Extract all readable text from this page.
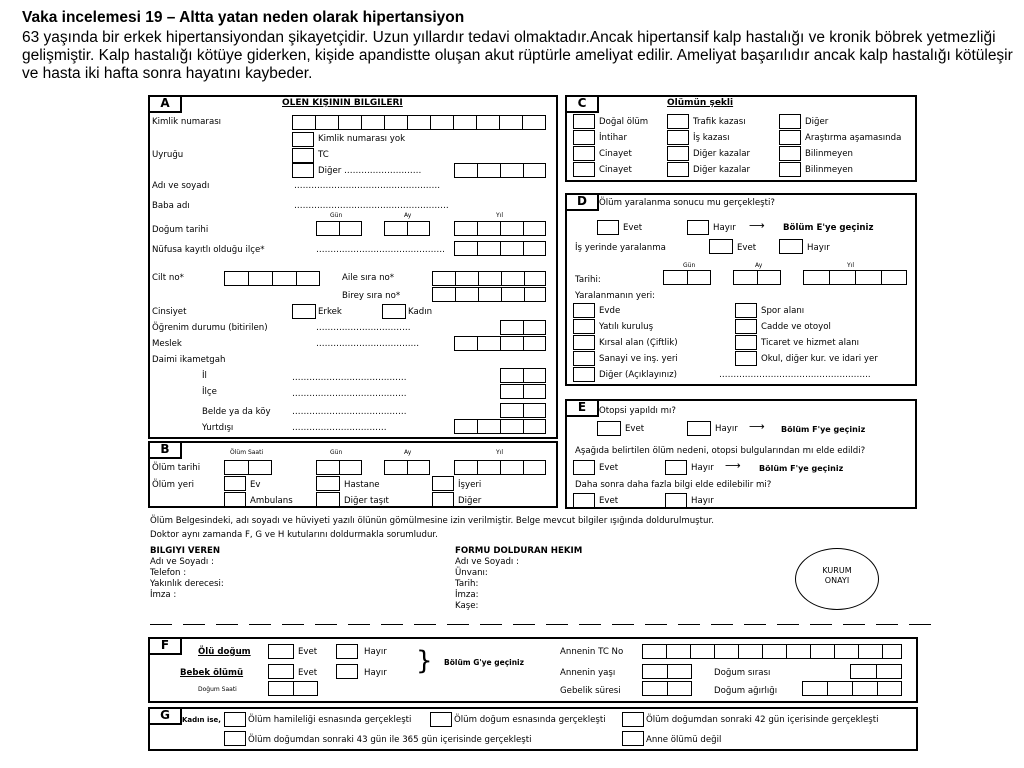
Vaka incelemesi 19 – Altta yatan neden olarak hipertansiyon
63 yaşında bir erkek hipertansiyondan şikayetçidir. Uzun yıllardır tedavi olmaktadır.Ancak hipertansif kalp hastalığı ve kronik böbrek yetmezliği gelişmiştir. Kalp hastalığı kötüye giderken, kişide apandistte oluşan akut rüptürle ameliyat edilir. Ameliyat başarılıdır ancak kalp hastalığı kötüleşir ve hasta iki hafta sonra hayatını kaybeder.
A	OLEN KIŞININ BILGILERI
Kimlik numarası
Kimlik numarası yok
Uyruğu	TC
Diğer ………………………
Adı ve soyadı	……………………………………………
Baba adı	………………………………………………
Gün	Ay	Yıl
Doğum tarihi
Nüfusa kayıtlı olduğu ilçe*	………………………………………
Cilt no*	Aile sıra no*
Birey sıra no*
Cinsiyet	Erkek	Kadın
Öğrenim durumu (bitirilen)	……………………………
Meslek	………………………………
Daimi ikametgah
İl	………………………………….
İlçe	………………………………….
Belde ya da köy ………………………………….
Yurtdışı	……………………………
B	Ölüm Saati	Gün	Ay	Yıl
Ölüm tarihi
Ölüm yeri	Ev	Hastane	İşyeri
Ambulans	Diğer taşıt	Diğer
C	Olümün şekli
Doğal ölüm	Trafik kazası	Diğer
İntihar	İş kazası	Araştırma aşamasında
Cinayet	Diğer kazalar	Bilinmeyen
Cinayet	Diğer kazalar	Bilinmeyen
D	Ölüm yaralanma sonucu mu gerçekleşti?
Evet	Hayır ⟶ Bölüm E'ye geçiniz
İş yerinde yaralanma	Evet	Hayır
Gün	Ay	Yıl
Tarihi:
Yaralanmanın yeri:
Evde	Spor alanı
Yatılı kuruluş	Cadde ve otoyol
Kırsal alan (Çiftlik)	Ticaret ve hizmet alanı
Sanayi ve inş. yeri	Okul, diğer kur. ve idari yer
Diğer (Açıklayınız)	……………………………………………..
E	Otopsi yapıldı mı?
Evet	Hayır ⟶ Bölüm F'ye geçiniz
Aşağıda belirtilen ölüm nedeni, otopsi bulgularından mı elde edildi?
Evet	Hayır ⟶ Bölüm F'ye geçiniz
Daha sonra daha fazla bilgi elde edilebilir mi?
Evet	Hayır
Ölüm Belgesindeki, adı soyadı ve hüviyeti yazılı ölünün gömülmesine izin verilmiştir. Belge mevcut bilgiler ışığında doldurulmuştur.
Doktor aynı zamanda F, G ve H kutularını doldurmakla sorumludur.
BILGIYI VEREN
Adı ve Soyadı :
Telefon :
Yakınlık derecesi:
İmza :
FORMU DOLDURAN HEKIM
Adı ve Soyadı :
Ünvanı:
Tarih:
İmza:
Kaşe:
KURUM
ONAYI
F	Ölü doğum	Evet	Hayır
Bebek ölümü	Evet	Hayır } Bölüm G'ye geçiniz
Doğum Saati
Annenin TC No
Annenin yaşı	Doğum sırası
Gebelik süresi	Doğum ağırlığı
G	Kadın ise,	Ölüm hamileliği esnasında gerçekleşti	Ölüm doğum esnasında gerçekleşti	Ölüm doğumdan sonraki 42 gün içerisinde gerçekleşti
Ölüm doğumdan sonraki 43 gün ile 365 gün içerisinde gerçekleşti	Anne ölümü değil
